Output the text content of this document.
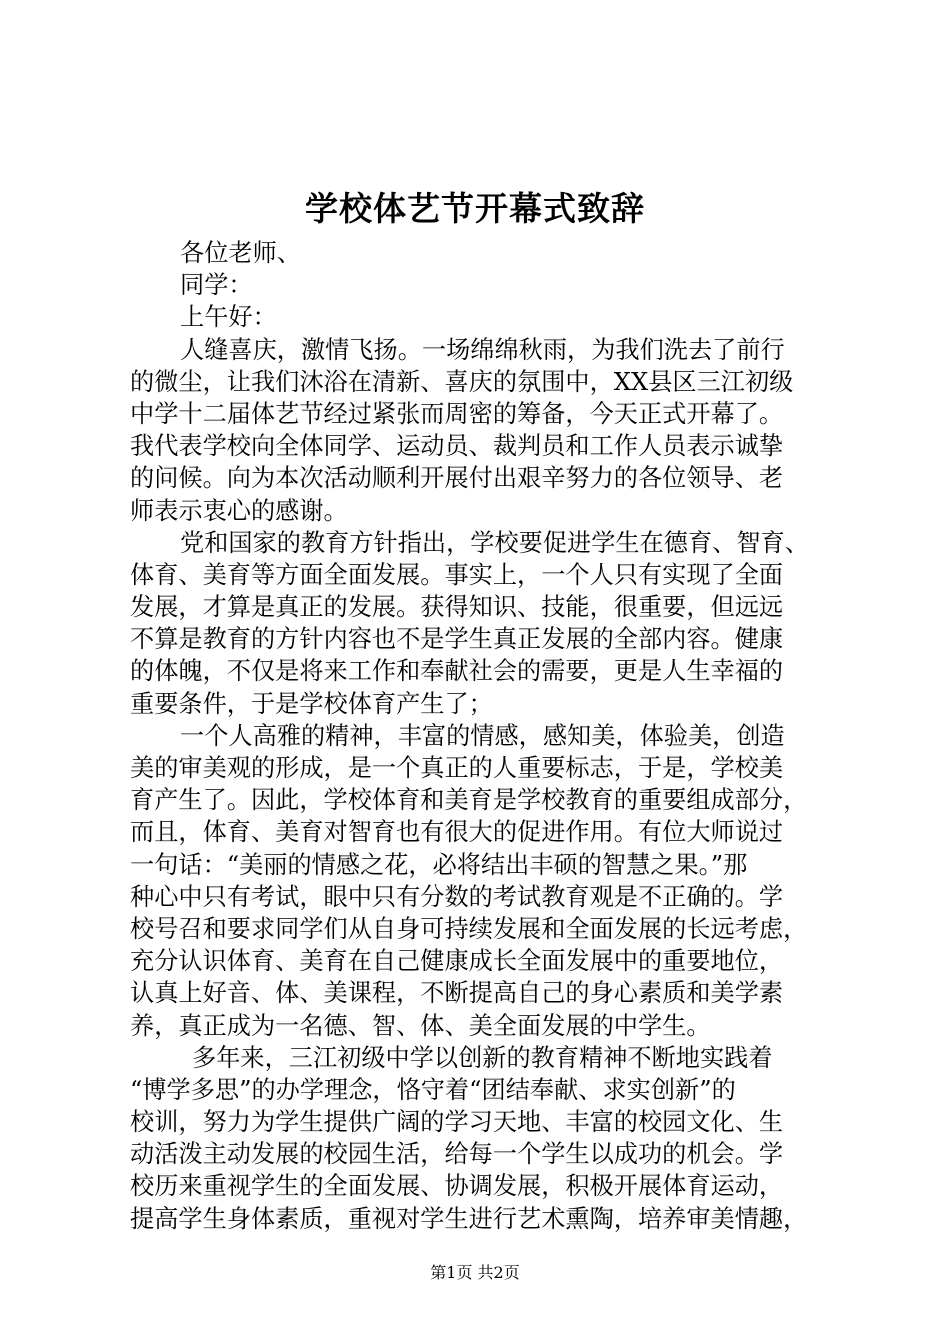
学校体艺节开幕式致辞
各位老师、
同学：
上午好：
人缝喜庆，激情飞扬。一场绵绵秋雨，为我们洗去了前行
的微尘，让我们沐浴在清新、喜庆的氛围中，XX县区三江初级
中学十二届体艺节经过紧张而周密的筹备，今天正式开幕了。
我代表学校向全体同学、运动员、裁判员和工作人员表示诚挚
的问候。向为本次活动顺利开展付出艰辛努力的各位领导、老
师表示衷心的感谢。
党和国家的教育方针指出，学校要促进学生在德育、智育、
体育、美育等方面全面发展。事实上，一个人只有实现了全面
发展，才算是真正的发展。获得知识、技能，很重要，但远远
不算是教育的方针内容也不是学生真正发展的全部内容。健康
的体魄，不仅是将来工作和奉献社会的需要，更是人生幸福的
重要条件，于是学校体育产生了；
一个人高雅的精神，丰富的情感，感知美，体验美，创造
美的审美观的形成，是一个真正的人重要标志，于是，学校美
育产生了。因此，学校体育和美育是学校教育的重要组成部分，
而且，体育、美育对智育也有很大的促进作用。有位大师说过
一句话：“美丽的情感之花，必将结出丰硕的智慧之果。”那
种心中只有考试，眼中只有分数的考试教育观是不正确的。学
校号召和要求同学们从自身可持续发展和全面发展的长远考虑，
充分认识体育、美育在自己健康成长全面发展中的重要地位，
认真上好音、体、美课程，不断提高自己的身心素质和美学素
养，真正成为一名德、智、体、美全面发展的中学生。
多年来，三江初级中学以创新的教育精神不断地实践着
“博学多思”的办学理念，恪守着“团结奉献、求实创新”的
校训，努力为学生提供广阔的学习天地、丰富的校园文化、生
动活泼主动发展的校园生活，给每一个学生以成功的机会。学
校历来重视学生的全面发展、协调发展，积极开展体育运动，
提高学生身体素质，重视对学生进行艺术熏陶，培养审美情趣，
第1页 共2页
